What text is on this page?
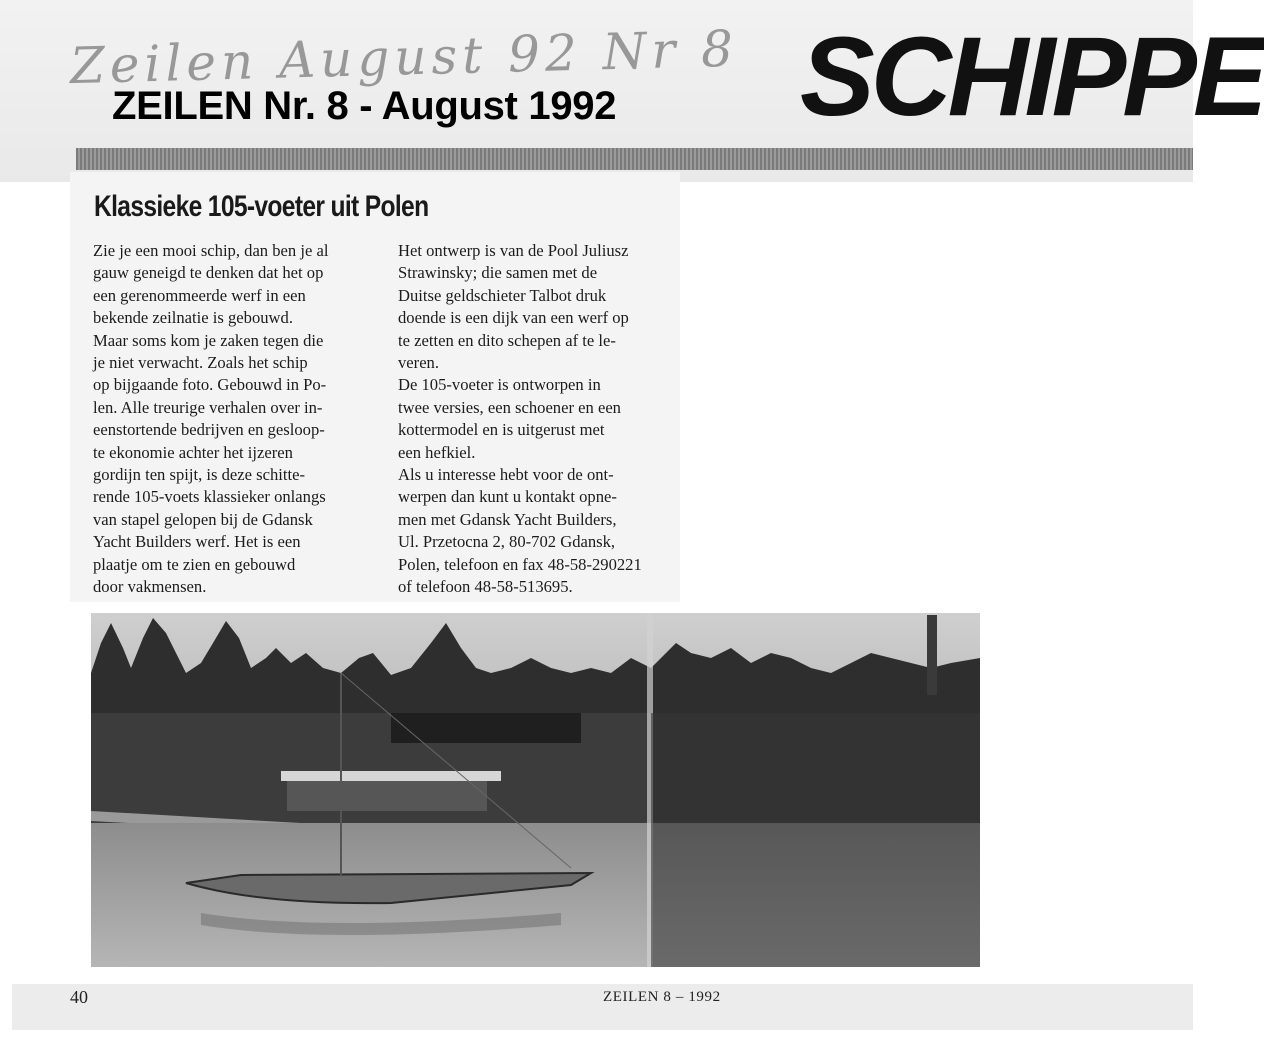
Zeilen August 92 Nr 8
ZEILEN Nr. 8 - August 1992 SCHIPPE
Klassieke 105-voeter uit Polen
Zie je een mooi schip, dan ben je al
gauw geneigd te denken dat het op
een gerenommeerde werf in een
bekende zeilnatie is gebouwd.
Maar soms kom je zaken tegen die
je niet verwacht. Zoals het schip
op bijgaande foto. Gebouwd in Po-
len. Alle treurige verhalen over in-
eenstortende bedrijven en gesloop-
te ekonomie achter het ijzeren
gordijn ten spijt, is deze schitte-
rende 105-voets klassieker onlangs
van stapel gelopen bij de Gdansk
Yacht Builders werf. Het is een
plaatje om te zien en gebouwd
door vakmensen.
Het ontwerp is van de Pool Juliusz
Strawinsky; die samen met de
Duitse geldschieter Talbot druk
doende is een dijk van een werf op
te zetten en dito schepen af te le-
veren.
De 105-voeter is ontworpen in
twee versies, een schoener en een
kottermodel en is uitgerust met
een hefkiel.
Als u interesse hebt voor de ont-
werpen dan kunt u kontakt opne-
men met Gdansk Yacht Builders,
Ul. Przetocna 2, 80-702 Gdansk,
Polen, telefoon en fax 48-58-290221
of telefoon 48-58-513695.
40	ZEILEN 8 – 1992
